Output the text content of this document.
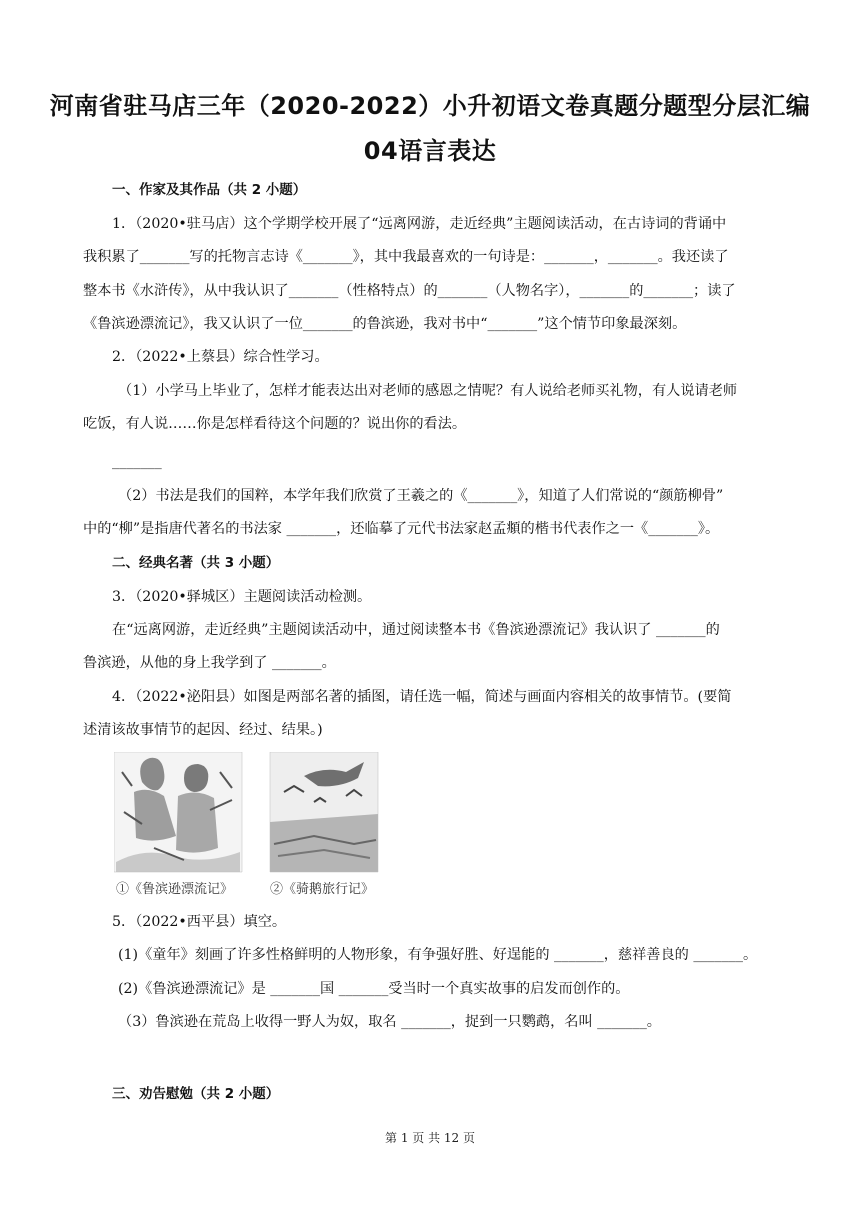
河南省驻马店三年（2020-2022）小升初语文卷真题分题型分层汇编
04语言表达
一、作家及其作品（共 2 小题）
1．（2020•驻马店）这个学期学校开展了“远离网游，走近经典”主题阅读活动，在古诗词的背诵中
我积累了_______写的托物言志诗《_______》，其中我最喜欢的一句诗是：_______，_______。我还读了
整本书《水浒传》，从中我认识了_______（性格特点）的_______（人物名字），_______的_______；读了
《鲁滨逊漂流记》，我又认识了一位_______的鲁滨逊，我对书中“_______”这个情节印象最深刻。
2．（2022•上蔡县）综合性学习。
（1）小学马上毕业了，怎样才能表达出对老师的感恩之情呢？有人说给老师买礼物，有人说请老师
吃饭，有人说……你是怎样看待这个问题的？说出你的看法。
_______
（2）书法是我们的国粹，本学年我们欣赏了王羲之的《_______》，知道了人们常说的“颜筋柳骨”
中的“柳”是指唐代著名的书法家 _______，还临摹了元代书法家赵孟頫的楷书代表作之一《_______》。
二、经典名著（共 3 小题）
3．（2020•驿城区）主题阅读活动检测。
在“远离网游，走近经典”主题阅读活动中，通过阅读整本书《鲁滨逊漂流记》我认识了 _______的
鲁滨逊，从他的身上我学到了 _______。
4．（2022•泌阳县）如图是两部名著的插图，请任选一幅，简述与画面内容相关的故事情节。(要简
述清该故事情节的起因、经过、结果。)
①《鲁滨逊漂流记》	②《骑鹅旅行记》
5．（2022•西平县）填空。
(1)《童年》刻画了许多性格鲜明的人物形象，有争强好胜、好逞能的 _______，慈祥善良的 _______。
(2)《鲁滨逊漂流记》是 _______国 _______受当时一个真实故事的启发而创作的。
（3）鲁滨逊在荒岛上收得一野人为奴，取名 _______，捉到一只鹦鹉，名叫 _______。
三、劝告慰勉（共 2 小题）
第 1 页 共 12 页
